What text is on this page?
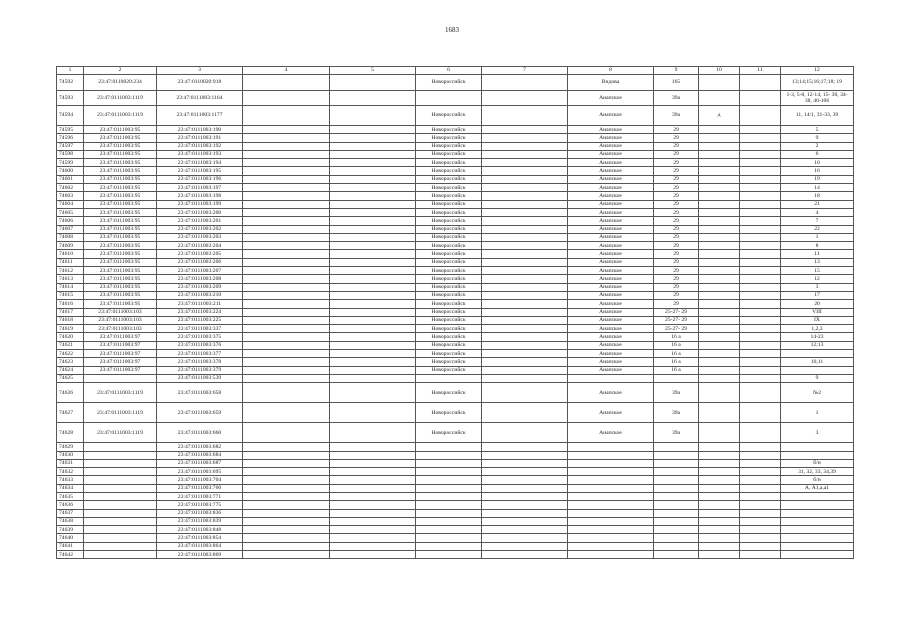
1683
1	2	3	4	5	6	7	8	9	10	11	12
74592	23:47:0110020:234	23:47:0110020:918			Новороссийск		Видова	165			13;14;15;16;17;18; 19
74593	23:47:0111003:1119	23:47:0111003:1164					Анапское	39а			1-3, 5-8, 12-14, 15- 30, 34-38, 40-106
74594	23:47:0111003:1119	23:47:0111003:1177			Новороссийск		Анапское	39а	д		11, 14/1, 31-33, 39
74595	23:47:0111003:95	23:47:0111003:190			Новороссийск		Анапское	29			5
74596	23:47:0111003:95	23:47:0111003:191			Новороссийск		Анапское	29			9
74597	23:47:0111003:95	23:47:0111003:192			Новороссийск		Анапское	29			2
74598	23:47:0111003:95	23:47:0111003:193			Новороссийск		Анапское	29			6
74599	23:47:0111003:95	23:47:0111003:194			Новороссийск		Анапское	29			10
74600	23:47:0111003:95	23:47:0111003:195			Новороссийск		Анапское	29			16
74601	23:47:0111003:95	23:47:0111003:196			Новороссийск		Анапское	29			19
74602	23:47:0111003:95	23:47:0111003:197			Новороссийск		Анапское	29			14
74603	23:47:0111003:95	23:47:0111003:198			Новороссийск		Анапское	29			18
74604	23:47:0111003:95	23:47:0111003:199			Новороссийск		Анапское	29			21
74605	23:47:0111003:95	23:47:0111003:200			Новороссийск		Анапское	29			4
74606	23:47:0111003:95	23:47:0111003:201			Новороссийск		Анапское	29			7
74607	23:47:0111003:95	23:47:0111003:202			Новороссийск		Анапское	29			22
74608	23:47:0111003:95	23:47:0111003:203			Новороссийск		Анапское	29			1
74609	23:47:0111003:95	23:47:0111003:204			Новороссийск		Анапское	29			8
74610	23:47:0111003:95	23:47:0111003:205			Новороссийск		Анапское	29			11
74611	23:47:0111003:95	23:47:0111003:206			Новороссийск		Анапское	29			13
74612	23:47:0111003:95	23:47:0111003:207			Новороссийск		Анапское	29			15
74613	23:47:0111003:95	23:47:0111003:208			Новороссийск		Анапское	29			12
74614	23:47:0111003:95	23:47:0111003:209			Новороссийск		Анапское	29			3
74615	23:47:0111003:95	23:47:0111003:210			Новороссийск		Анапское	29			17
74616	23:47:0111003:95	23:47:0111003:211			Новороссийск		Анапское	29			20
74617	23:47:0111003:103	23:47:0111003:224			Новороссийск		Анапское	25-27- 29			VIII
74618	23:47:0111003:103	23:47:0111003:225			Новороссийск		Анапское	25-27- 29			IX
74619	23:47:0111003:103	23:47:0111003:337			Новороссийск		Анапское	25-27- 29			1,2,3
74620	23:47:0111003:97	23:47:0111003:375			Новороссийск		Анапское	16 а			14-23
74621	23:47:0111003:97	23:47:0111003:376			Новороссийск		Анапское	16 а			12;13
74622	23:47:0111003:97	23:47:0111003:377			Новороссийск		Анапское	16 а			
74623	23:47:0111003:97	23:47:0111003:378			Новороссийск		Анапское	16 а			10,11
74624	23:47:0111003:97	23:47:0111003:379			Новороссийск		Анапское	16 а			
74625		23:47:0111003:539									9
74626	23:47:0111003:1119	23:47:0111003:658			Новороссийск		Анапское	39а			№2
74627	23:47:0111003:1119	23:47:0111003:659			Новороссийск		Анапское	39а			1
74628	23:47:0111003:1119	23:47:0111003:660			Новороссийск		Анапское	39а			3
74629		23:47:0111003:682									
74630		23:47:0111003:684									
74631		23:47:0111003:687									б/н
74632		23:47:0111003:695									31, 32, 33, 34,39
74633		23:47:0111003:704									б/н
74634		23:47:0111003:760									А, А1,а,а1
74635		23:47:0111003:771									
74636		23:47:0111003:775									
74637		23:47:0111003:836									
74638		23:47:0111003:839									
74639		23:47:0111003:848									
74640		23:47:0111003:854									
74641		23:47:0111003:864									
74642		23:47:0111003:869									
